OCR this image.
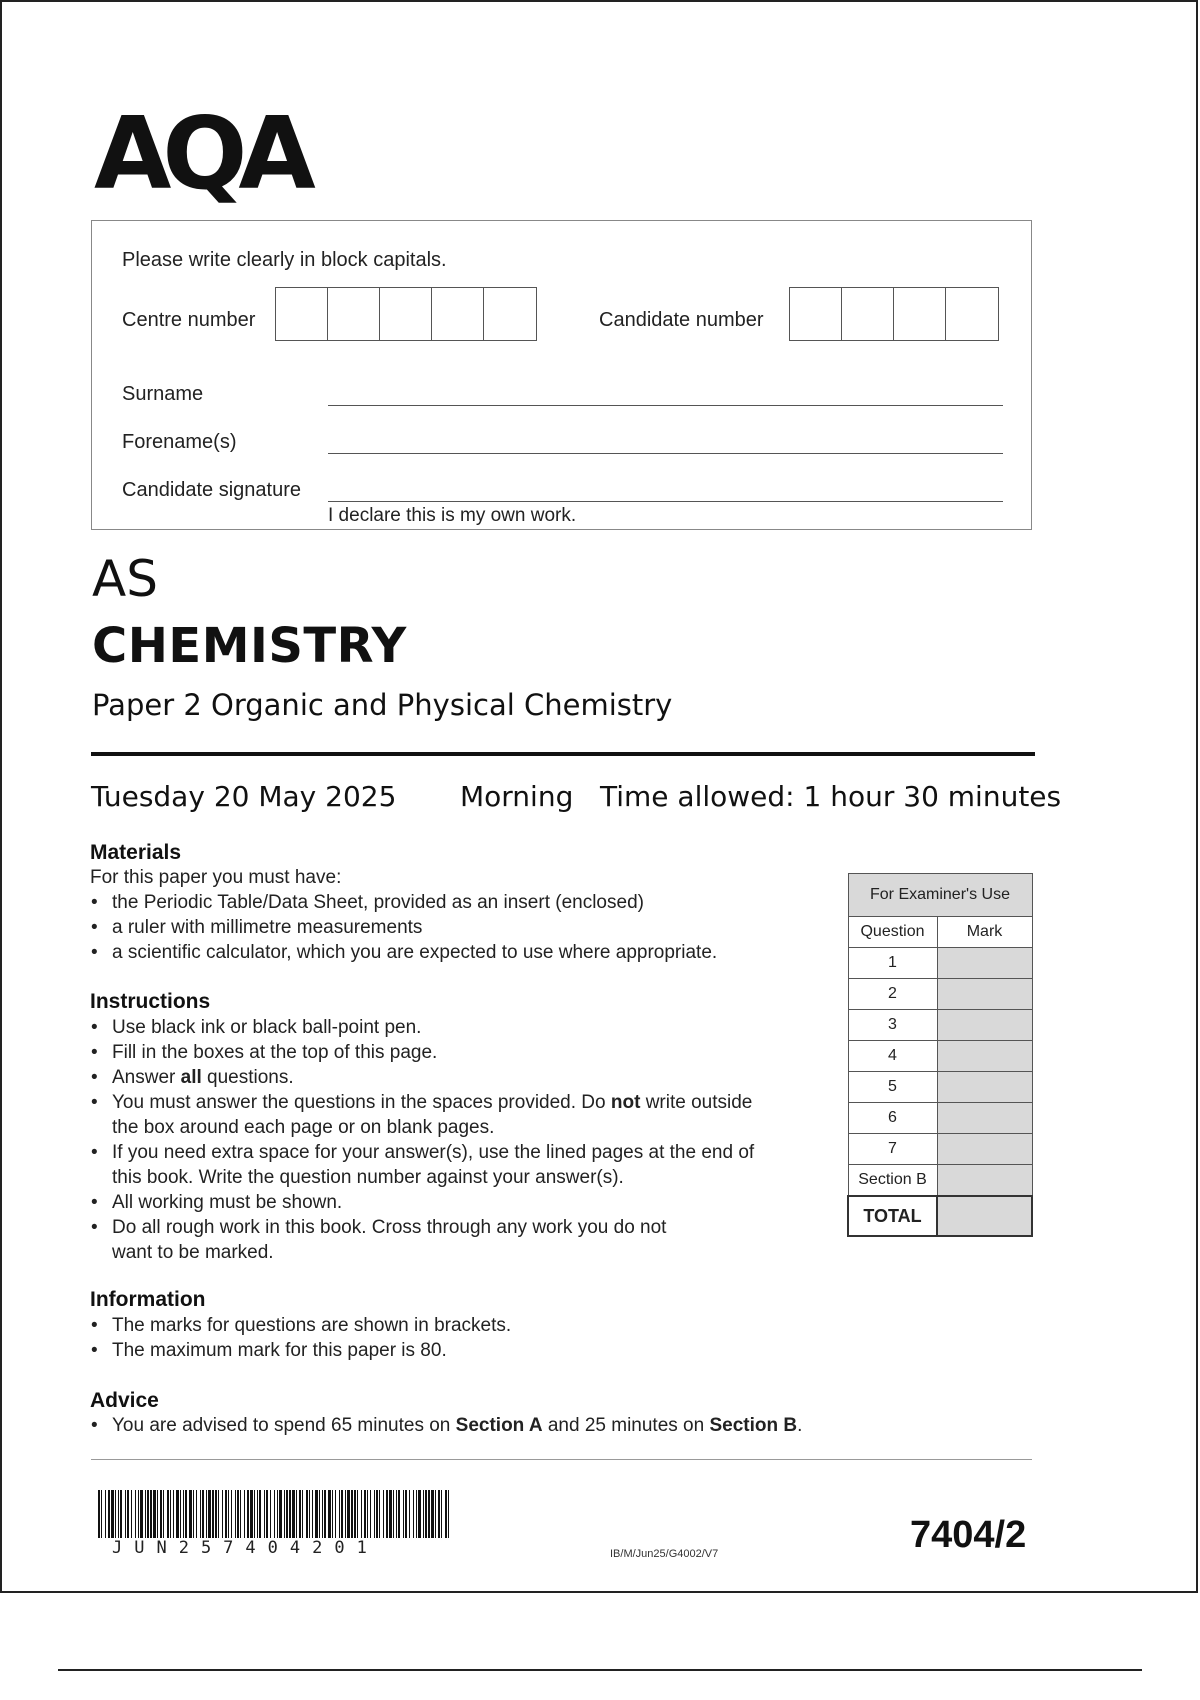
AQA
Please write clearly in block capitals.
Centre number	Candidate number
Surname
Forename(s)
Candidate signature
I declare this is my own work.
AS
CHEMISTRY
Paper 2 Organic and Physical Chemistry
Tuesday 20 May 2025 Morning Time allowed: 1 hour 30 minutes
Materials
For this paper you must have:
• the Periodic Table/Data Sheet, provided as an insert (enclosed)
• a ruler with millimetre measurements
• a scientific calculator, which you are expected to use where appropriate.
Instructions
• Use black ink or black ball-point pen.
• Fill in the boxes at the top of this page.
• Answer all questions.
• You must answer the questions in the spaces provided. Do not write outside
the box around each page or on blank pages.
• If you need extra space for your answer(s), use the lined pages at the end of
this book. Write the question number against your answer(s).
• All working must be shown.
• Do all rough work in this book. Cross through any work you do not
want to be marked.
Information
• The marks for questions are shown in brackets.
• The maximum mark for this paper is 80.
Advice
• You are advised to spend 65 minutes on Section A and 25 minutes on Section B.
For Examiner's Use	
Question	Mark
1	
2	
3	
4	
5	
6	
7	
Section B	
TOTAL	
JUN257404201	IB/M/Jun25/G4002/V7	7404/2
